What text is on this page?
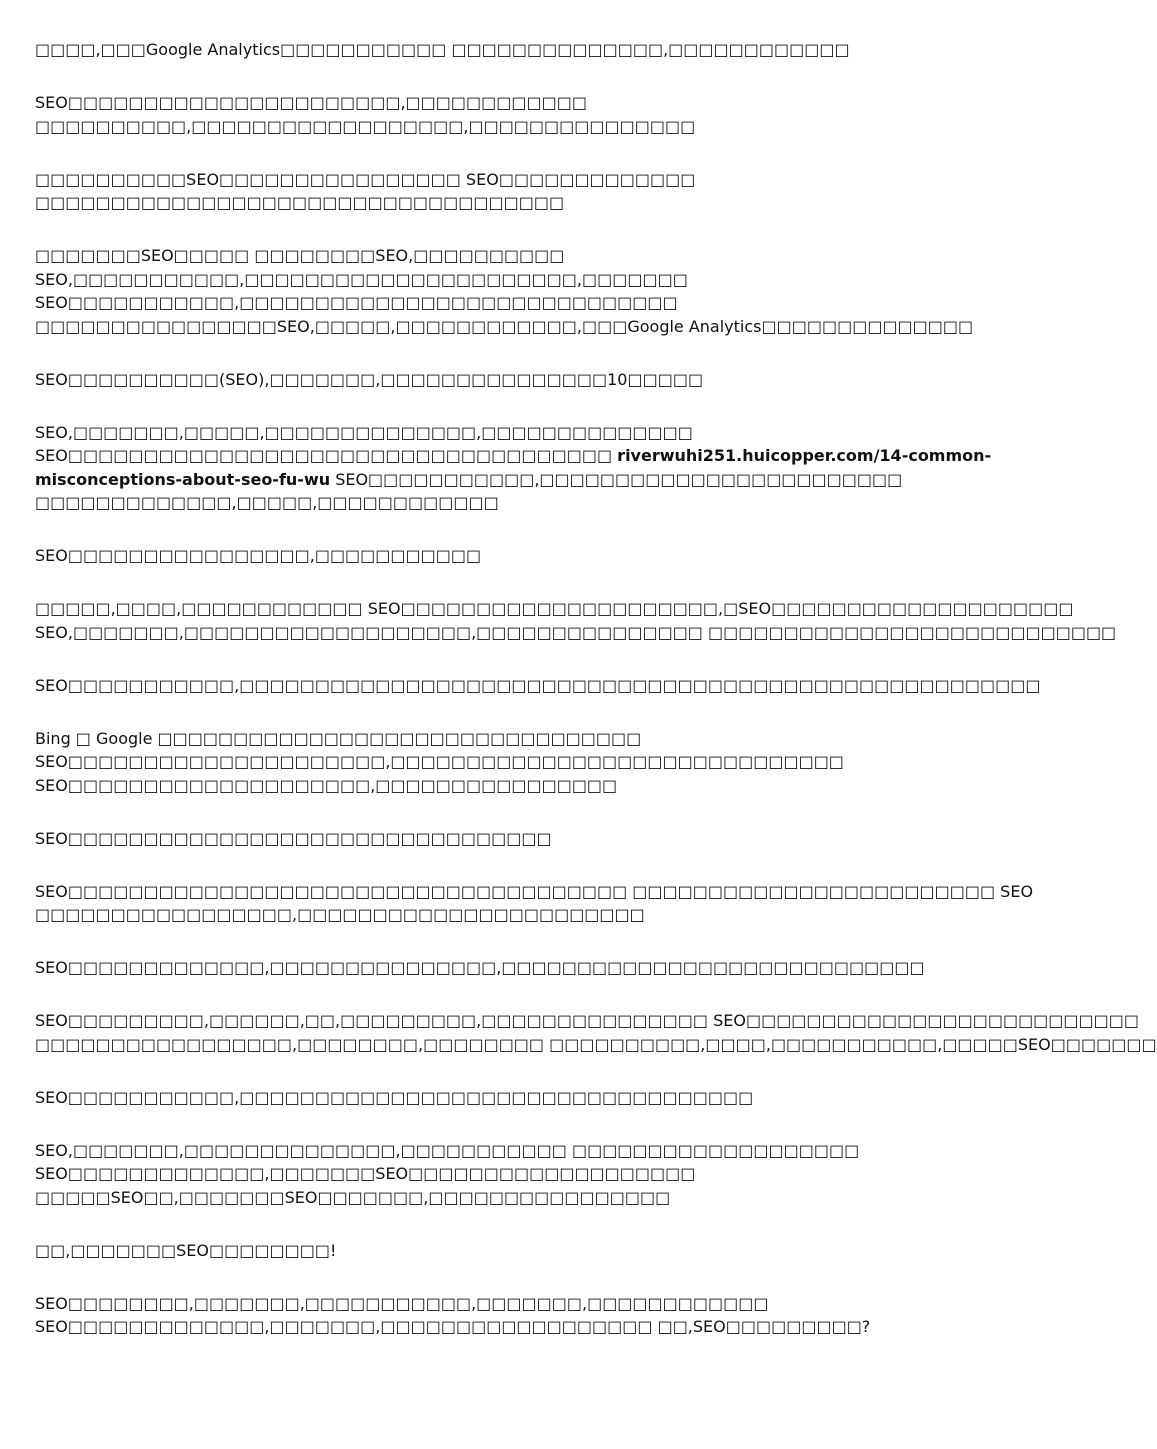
□□□□,□□□Google Analytics□□□□□□□□□□□ □□□□□□□□□□□□□□,□□□□□□□□□□□□

SEO□□□□□□□□□□□□□□□□□□□□□□,□□□□□□□□□□□□
□□□□□□□□□□,□□□□□□□□□□□□□□□□□□,□□□□□□□□□□□□□□□

□□□□□□□□□□SEO□□□□□□□□□□□□□□□□ SEO□□□□□□□□□□□□□
□□□□□□□□□□□□□□□□□□□□□□□□□□□□□□□□□□□

□□□□□□□SEO□□□□□ □□□□□□□□SEO,□□□□□□□□□□
SEO,□□□□□□□□□□□,□□□□□□□□□□□□□□□□□□□□□□,□□□□□□□
SEO□□□□□□□□□□□,□□□□□□□□□□□□□□□□□□□□□□□□□□□□□
□□□□□□□□□□□□□□□□SEO,□□□□□,□□□□□□□□□□□□,□□□Google Analytics□□□□□□□□□□□□□□

SEO□□□□□□□□□□(SEO),□□□□□□□,□□□□□□□□□□□□□□□10□□□□□

SEO,□□□□□□□,□□□□□,□□□□□□□□□□□□□□,□□□□□□□□□□□□□□
SEO□□□□□□□□□□□□□□□□□□□□□□□□□□□□□□□□□□□□ riverwuhi251.huicopper.com/14-common-
misconceptions-about-seo-fu-wu SEO□□□□□□□□□□□,□□□□□□□□□□□□□□□□□□□□□□□□
□□□□□□□□□□□□□,□□□□□,□□□□□□□□□□□□

SEO□□□□□□□□□□□□□□□□,□□□□□□□□□□□

□□□□□,□□□□,□□□□□□□□□□□□ SEO□□□□□□□□□□□□□□□□□□□□□,□SEO□□□□□□□□□□□□□□□□□□□□
SEO,□□□□□□□,□□□□□□□□□□□□□□□□□□□,□□□□□□□□□□□□□□□ □□□□□□□□□□□□□□□□□□□□□□□□□□□

SEO□□□□□□□□□□□,□□□□□□□□□□□□□□□□□□□□□□□□□□□□□□□□□□□□□□□□□□□□□□□□□□□□□

Bing □ Google □□□□□□□□□□□□□□□□□□□□□□□□□□□□□□□□
SEO□□□□□□□□□□□□□□□□□□□□□,□□□□□□□□□□□□□□□□□□□□□□□□□□□□□□
SEO□□□□□□□□□□□□□□□□□□□□,□□□□□□□□□□□□□□□□

SEO□□□□□□□□□□□□□□□□□□□□□□□□□□□□□□□□

SEO□□□□□□□□□□□□□□□□□□□□□□□□□□□□□□□□□□□□□ □□□□□□□□□□□□□□□□□□□□□□□□ SEO
□□□□□□□□□□□□□□□□□,□□□□□□□□□□□□□□□□□□□□□□□

SEO□□□□□□□□□□□□□,□□□□□□□□□□□□□□□,□□□□□□□□□□□□□□□□□□□□□□□□□□□□

SEO□□□□□□□□□,□□□□□□,□□,□□□□□□□□□,□□□□□□□□□□□□□□□ SEO□□□□□□□□□□□□□□□□□□□□□□□□□□
□□□□□□□□□□□□□□□□□,□□□□□□□□,□□□□□□□□ □□□□□□□□□□,□□□□,□□□□□□□□□□□,□□□□□SEO□□□□□□□

SEO□□□□□□□□□□□,□□□□□□□□□□□□□□□□□□□□□□□□□□□□□□□□□□

SEO,□□□□□□□,□□□□□□□□□□□□□□,□□□□□□□□□□□ □□□□□□□□□□□□□□□□□□□
SEO□□□□□□□□□□□□□,□□□□□□□SEO□□□□□□□□□□□□□□□□□□□
□□□□□SEO□□,□□□□□□□SEO□□□□□□□,□□□□□□□□□□□□□□□□

□□,□□□□□□□SEO□□□□□□□□!

SEO□□□□□□□□,□□□□□□□,□□□□□□□□□□□,□□□□□□□,□□□□□□□□□□□□
SEO□□□□□□□□□□□□□,□□□□□□□,□□□□□□□□□□□□□□□□□□ □□,SEO□□□□□□□□□?
